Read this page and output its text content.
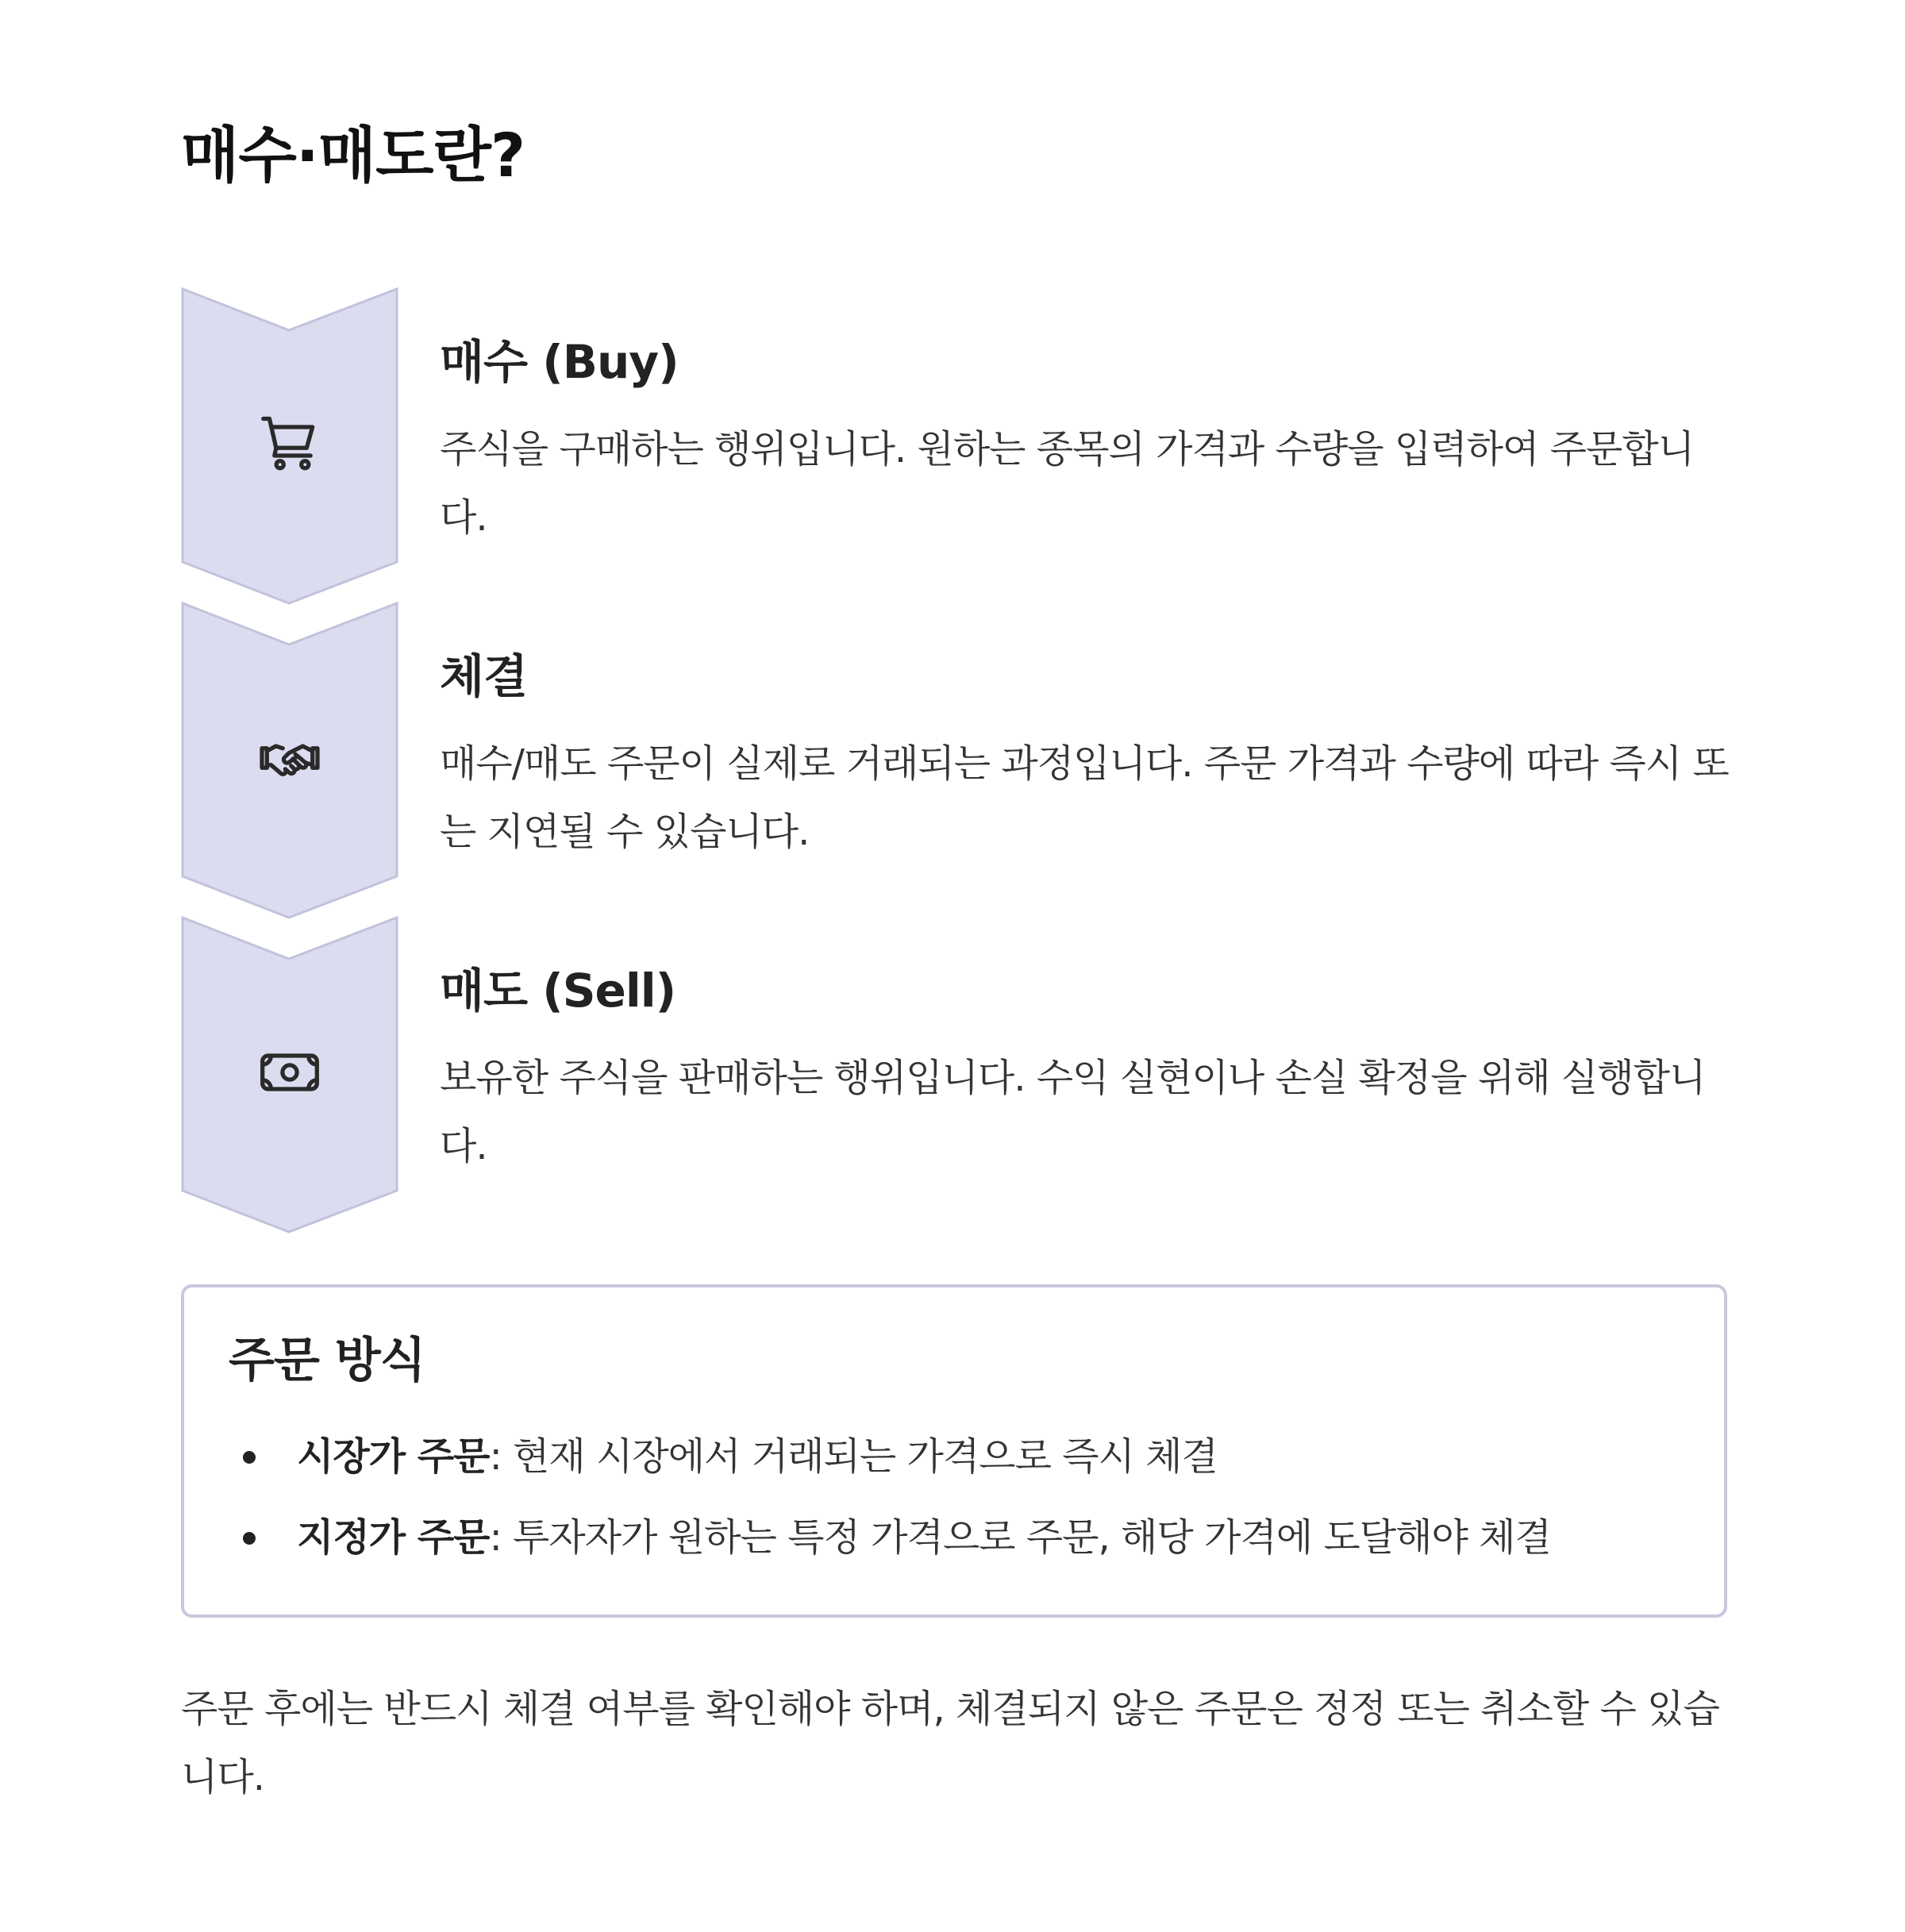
매수·매도란?
매수 (Buy)

주식을 구매하는 행위입니다. 원하는 종목의 가격과 수량을 입력하여 주문합니다.

체결

매수/매도 주문이 실제로 거래되는 과정입니다. 주문 가격과 수량에 따라 즉시 또는 지연될 수 있습니다.

매도 (Sell)

보유한 주식을 판매하는 행위입니다. 수익 실현이나 손실 확정을 위해 실행합니다.

주문 방식
시장가 주문: 현재 시장에서 거래되는 가격으로 즉시 체결
지정가 주문: 투자자가 원하는 특정 가격으로 주문, 해당 가격에 도달해야 체결

주문 후에는 반드시 체결 여부를 확인해야 하며, 체결되지 않은 주문은 정정 또는 취소할 수 있습니다.
